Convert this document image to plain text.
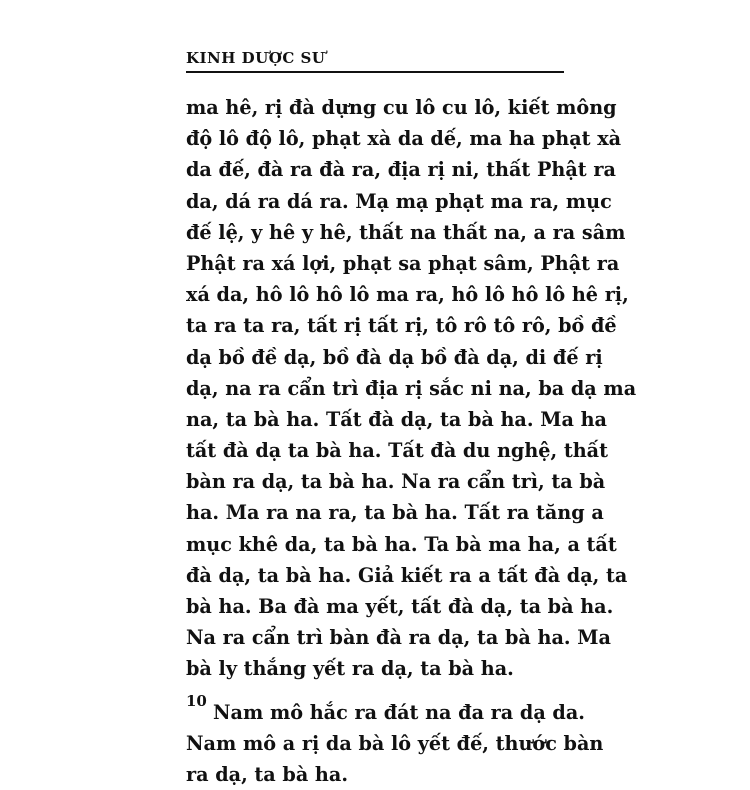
KINH DƯỢC SƯ
ma hê, rị đà dựng cu lô cu lô, kiết mông
độ lô độ lô, phạt xà da dế, ma ha phạt xà
da đế, đà ra đà ra, địa rị ni, thất Phật ra
da, dá ra dá ra. Mạ mạ phạt ma ra, mục
đế lệ, y hê y hê, thất na thất na, a ra sâm
Phật ra xá lợi, phạt sa phạt sâm, Phật ra
xá da, hô lô hô lô ma ra, hô lô hô lô hê rị,
ta ra ta ra, tất rị tất rị, tô rô tô rô, bồ đề
dạ bồ đề dạ, bồ đà dạ bồ đà dạ, di đế rị
dạ, na ra cẩn trì địa rị sắc ni na, ba dạ ma
na, ta bà ha. Tất đà dạ, ta bà ha. Ma ha
tất đà dạ ta bà ha. Tất đà du nghệ, thất
bàn ra dạ, ta bà ha. Na ra cẩn trì, ta bà
ha. Ma ra na ra, ta bà ha. Tất ra tăng a
mục khê da, ta bà ha. Ta bà ma ha, a tất
đà dạ, ta bà ha. Giả kiết ra a tất đà dạ, ta
bà ha. Ba đà ma yết, tất đà dạ, ta bà ha.
Na ra cẩn trì bàn đà ra dạ, ta bà ha. Ma
bà ly thắng yết ra dạ, ta bà ha.
Nam mô hắc ra đát na đa ra dạ da.
Nam mô a rị da bà lô yết đế, thước bàn
ra dạ, ta bà ha.
10
